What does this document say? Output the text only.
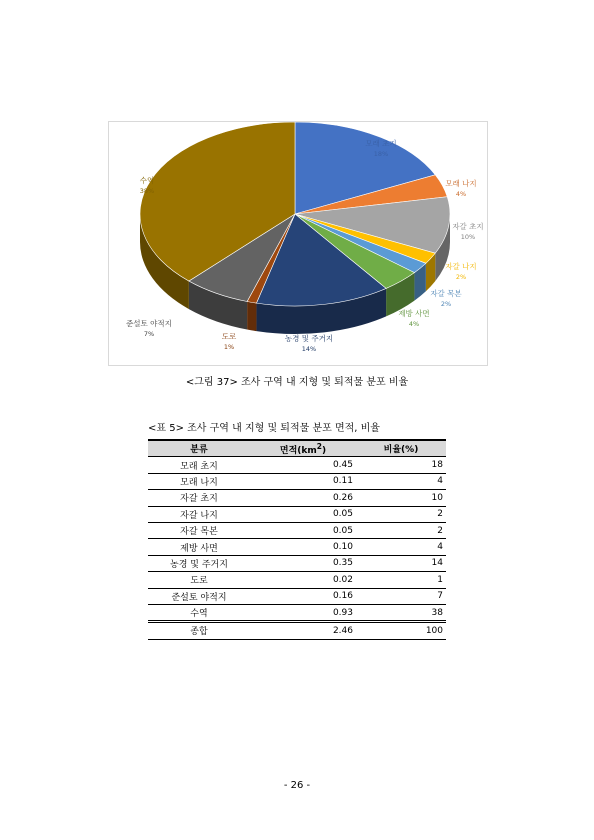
모래 초지
18%
모래 나지
4%
자갈 초지
10%
자갈 나지
2%
자갈 목본
2%
제방 사면
4%
농경 및 주거지
14%
도로
1%
준설토 야적지
7%
수역
38%
<그림 37> 조사 구역 내 지형 및 퇴적물 분포 비율
<표 5> 조사 구역 내 지형 및 퇴적물 분포 면적, 비율
분류	면적$(km^2)$	비율(%)
모래 초지	0.45	18
모래 나지	0.11	4
자갈 초지	0.26	10
자갈 나지	0.05	2
자갈 목본	0.05	2
제방 사면	0.10	4
농경 및 주거지	0.35	14
도로	0.02	1
준설토 야적지	0.16	7
수역	0.93	38
종합	2.46	100
- 26 -
